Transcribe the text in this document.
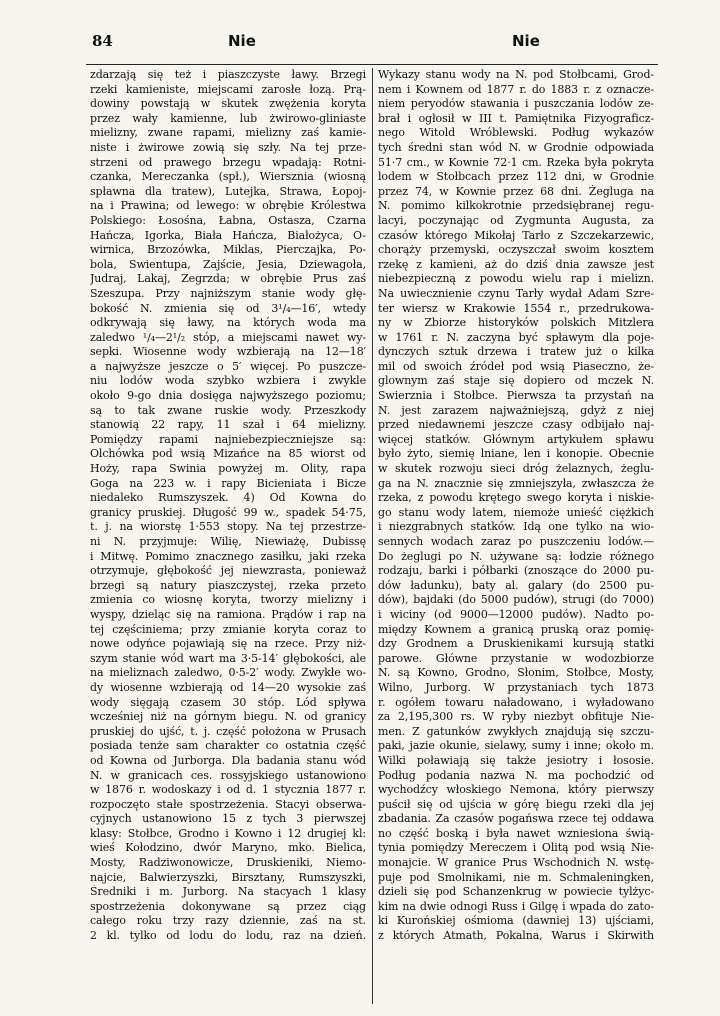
84	Nie	Nie

zdarzają się też i piaszczyste ławy. Brzegi
rzeki kamieniste, miejscami zarosłe łozą. Prą-
dowiny powstają w skutek zwężenia koryta
przez wały kamienne, lub żwirowo-gliniaste
mielizny, zwane rapami, mielizny zaś kamie-
niste i żwirowe zowią się szły. Na tej prze-
strzeni od prawego brzegu wpadają: Rotni-
czanka, Mereczanka (spł.), Wiersznia (wiosną
spławna dla tratew), Lutejka, Strawa, Łopoj-
na i Prawina; od lewego: w obrębie Królestwa
Polskiego: Łosośna, Łabna, Ostasza, Czarna
Hańcza, Igorka, Biała Hańcza, Białożyca, O-
wirnica, Brzozówka, Miklas, Pierczajka, Po-
bola, Swientupa, Zajście, Jesia, Dziewagoła,
Judraj, Lakaj, Zegrzda; w obrębie Prus zaś
Szeszupa. Przy najniższym stanie wody głę-
bokość N. zmienia się od 3¹/₄—16′, wtedy
odkrywają się ławy, na których woda ma
zaledwo ¹/₄—2¹/₂ stóp, a miejscami nawet wy-
sepki. Wiosenne wody wzbierają na 12—18′
a najwyższe jeszcze o 5′ więcej. Po puszcze-
niu lodów woda szybko wzbiera i zwykle
około 9-go dnia dosięga najwyższego poziomu;
są to tak zwane ruskie wody. Przeszkody
stanowią 22 rapy, 11 szał i 64 mielizny.
Pomiędzy rapami najniebezpieczniejsze są:
Olchówka pod wsią Mizańce na 85 wiorst od
Hoży, rapa Swinia powyżej m. Olity, rapa
Goga na 223 w. i rapy Bicieniata i Bicze
niedaleko Rumszyszek. 4) Od Kowna do
granicy pruskiej. Długość 99 w., spadek 54·75,
t. j. na wiorstę 1·553 stopy. Na tej przestrze-
ni N. przyjmuje: Wilię, Niewiażę, Dubissę
i Mitwę. Pomimo znacznego zasiłku, jaki rzeka
otrzymuje, głębokość jej niewzrasta, ponieważ
brzegi są natury piaszczystej, rzeka przeto
zmienia co wiosnę koryta, tworzy mielizny i
wyspy, dzieląc się na ramiona. Prądów i rap na
tej częściniema; przy zmianie koryta coraz to
nowe odyńce pojawiają się na rzece. Przy niż-
szym stanie wód wart ma 3·5-14′ głębokości, ale
na mieliznach zaledwo, 0·5-2′ wody. Zwykłe wo-
dy wiosenne wzbierają od 14—20 wysokie zaś
wody sięgają czasem 30 stóp. Lód spływa
wcześniej niż na górnym biegu. N. od granicy
pruskiej do ujść, t. j. część położona w Prusach
posiada tenże sam charakter co ostatnia część
od Kowna od Jurborga. Dla badania stanu wód
N. w granicach ces. rossyjskiego ustanowiono
w 1876 r. wodoskazy i od d. 1 stycznia 1877 r.
rozpoczęto stałe spostrzeżenia. Stacyi obserwa-
cyjnych ustanowiono 15 z tych 3 pierwszej
klasy: Stołbce, Grodno i Kowno i 12 drugiej kl:
wieś Kołodzino, dwór Maryno, mko. Bielica,
Mosty, Radziwonowicze, Druskieniki, Niemo-
najcie, Balwierzyszki, Birsztany, Rumszyszki,
Średniki i m. Jurborg. Na stacyach 1 klasy
spostrzeżenia dokonywane są przez ciąg
całego roku trzy razy dziennie, zaś na st.
2 kl. tylko od lodu do lodu, raz na dzień.

Wykazy stanu wody na N. pod Stołbcami, Grod-
nem i Kownem od 1877 r. do 1883 r. z oznacze-
niem peryodów stawania i puszczania lodów ze-
brał i ogłosił w III t. Pamiętnika Fizyograficz-
nego Witold Wróblewski. Podług wykazów
tych średni stan wód N. w Grodnie odpowiada
51·7 cm., w Kownie 72·1 cm. Rzeka była pokryta
lodem w Stołbcach przez 112 dni, w Grodnie
przez 74, w Kownie przez 68 dni. Żegluga na
N. pomimo kilkokrotnie przedsiębranej regu-
lacyi, poczynając od Zygmunta Augusta, za
czasów którego Mikołaj Tarło z Szczekarzewic,
chorąży przemyski, oczyszczał swoim kosztem
rzekę z kamieni, aż do dziś dnia zawsze jest
niebezpieczną z powodu wielu rap i mielizn.
Na uwiecznienie czynu Tarły wydał Adam Szre-
ter wiersz w Krakowie 1554 r., przedrukowa-
ny w Zbiorze historyków polskich Mitzlera
w 1761 r. N. zaczyna być spławym dla poje-
dynczych sztuk drzewa i tratew już o kilka
mil od swoich źródeł pod wsią Piaseczno, że-
glownym zaś staje się dopiero od mczek N.
Swierznia i Stołbce. Pierwsza ta przystań na
N. jest zarazem najważniejszą, gdyż z niej
przed niedawnemi jeszcze czasy odbijało naj-
więcej statków. Głównym artykułem spławu
było żyto, siemię lniane, len i konopie. Obecnie
w skutek rozwoju sieci dróg żelaznych, żeglu-
ga na N. znacznie się zmniejszyła, zwłaszcza że
rzeka, z powodu krętego swego koryta i niskie-
go stanu wody latem, niemoże unieść ciężkich
i niezgrabnych statków. Idą one tylko na wio-
sennych wodach zaraz po puszczeniu lodów.—
Do żeglugi po N. używane są: łodzie różnego
rodzaju, barki i półbarki (znoszące do 2000 pu-
dów ładunku), baty al. galary (do 2500 pu-
dów), bajdaki (do 5000 pudów), strugi (do 7000)
i wiciny (od 9000—12000 pudów). Nadto po-
między Kownem a granicą pruską oraz pomię-
dzy Grodnem a Druskienikami kursują statki
parowe. Główne przystanie w wodozbiorze
N. są Kowno, Grodno, Słonim, Stołbce, Mosty,
Wilno, Jurborg. W przystaniach tych 1873
r. ogółem towaru naładowano, i wyładowano
za 2,195,300 rs. W ryby niezbyt obfituje Nie-
men. Z gatunków zwykłych znajdują się szczu-
paki, jazie okunie, sielawy, sumy i inne; około m.
Wilki poławiają się także jesiotry i łososie.
Podług podania nazwa N. ma pochodzić od
wychodźcy włoskiego Nemona, który pierwszy
puścił się od ujścia w górę biegu rzeki dla jej
zbadania. Za czasów pogańswa rzece tej oddawa
no część boską i była nawet wzniesiona świą-
tynia pomiędzy Mereczem i Olitą pod wsią Nie-
monajcie. W granice Prus Wschodnich N. wstę-
puje pod Smolnikami, nie m. Schmaleningken,
dzieli się pod Schanzenkrug w powiecie tylżyc-
kim na dwie odnogi Russ i Gilgę i wpada do zato-
ki Kurońskiej ośmioma (dawniej 13) ujściami,
z których Atmath, Pokalna, Warus i Skirwith
